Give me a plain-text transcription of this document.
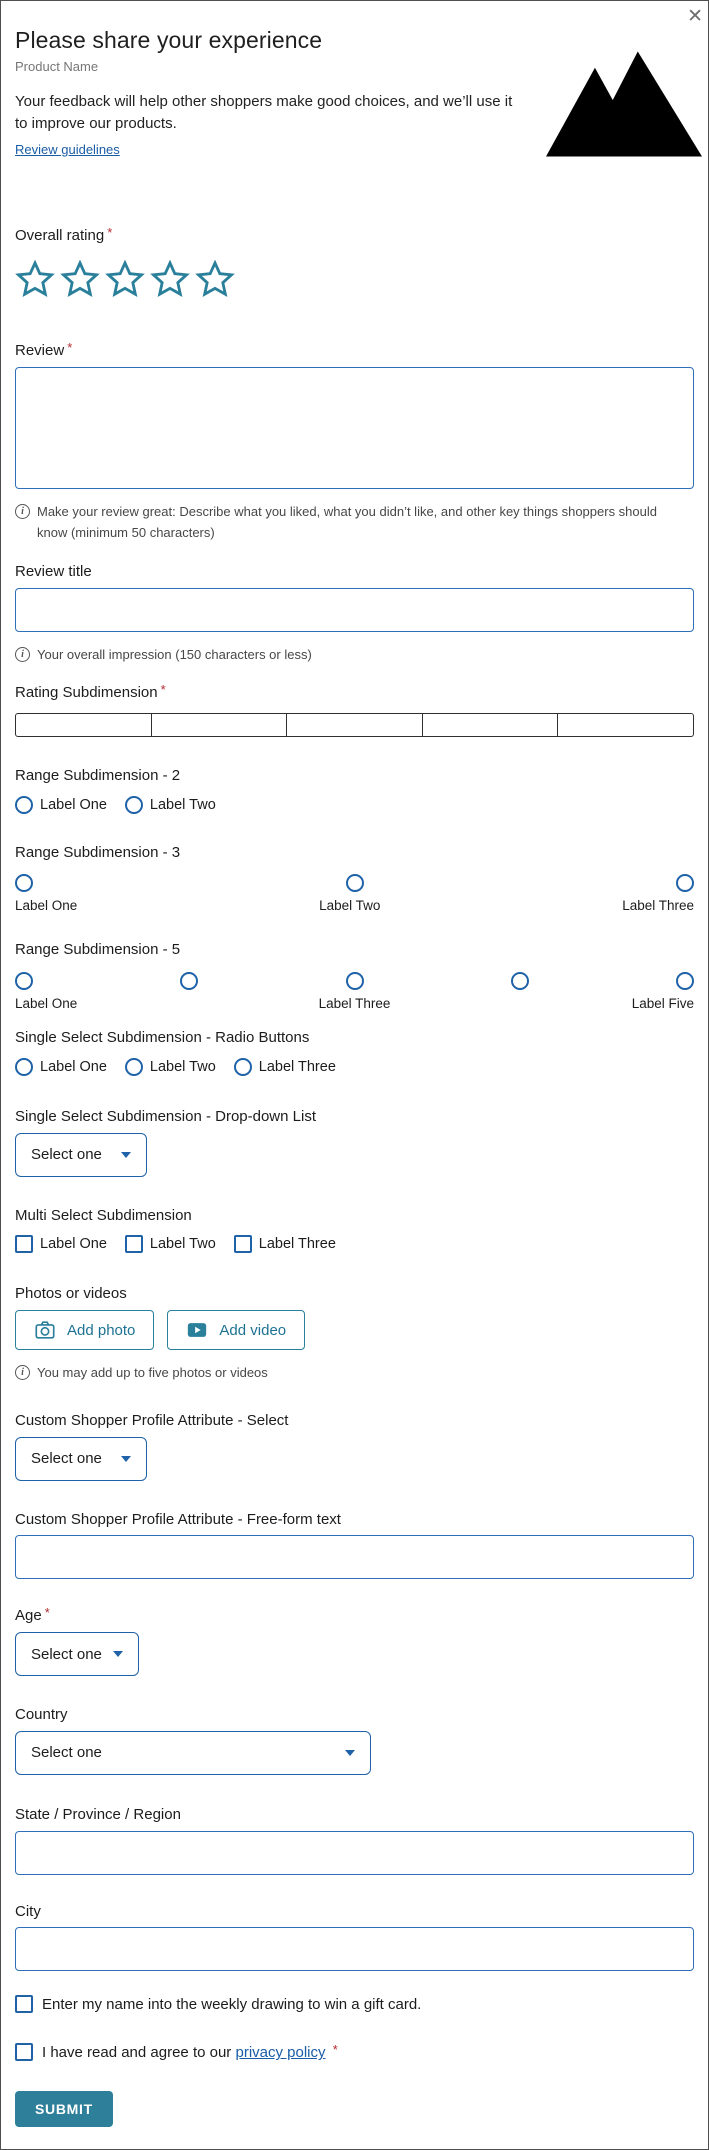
✕
Please share your experience
Product Name

Your feedback will help other shoppers make good choices, and we’ll use it to improve our products.

Review guidelines
Overall rating *
Review *
i	Make your review great: Describe what you liked, what you didn’t like, and other key things shoppers should know (minimum 50 characters)
Review title
i	Your overall impression (150 characters or less)
Rating Subdimension *
Range Subdimension - 2
Label One	Label Two
Range Subdimension - 3
Label One	Label Two	Label Three
Range Subdimension - 5
Label One	Label Three	Label Five
Single Select Subdimension - Radio Buttons
Label One	Label Two	Label Three
Single Select Subdimension - Drop-down List
Select one
Multi Select Subdimension
Label One	Label Two	Label Three
Photos or videos
Add photo	Add video
i	You may add up to five photos or videos
Custom Shopper Profile Attribute - Select
Select one
Custom Shopper Profile Attribute - Free-form text
Age *
Select one
Country
Select one
State / Province / Region
City
Enter my name into the weekly drawing to win a gift card.
I have read and agree to our privacy policy *
SUBMIT
